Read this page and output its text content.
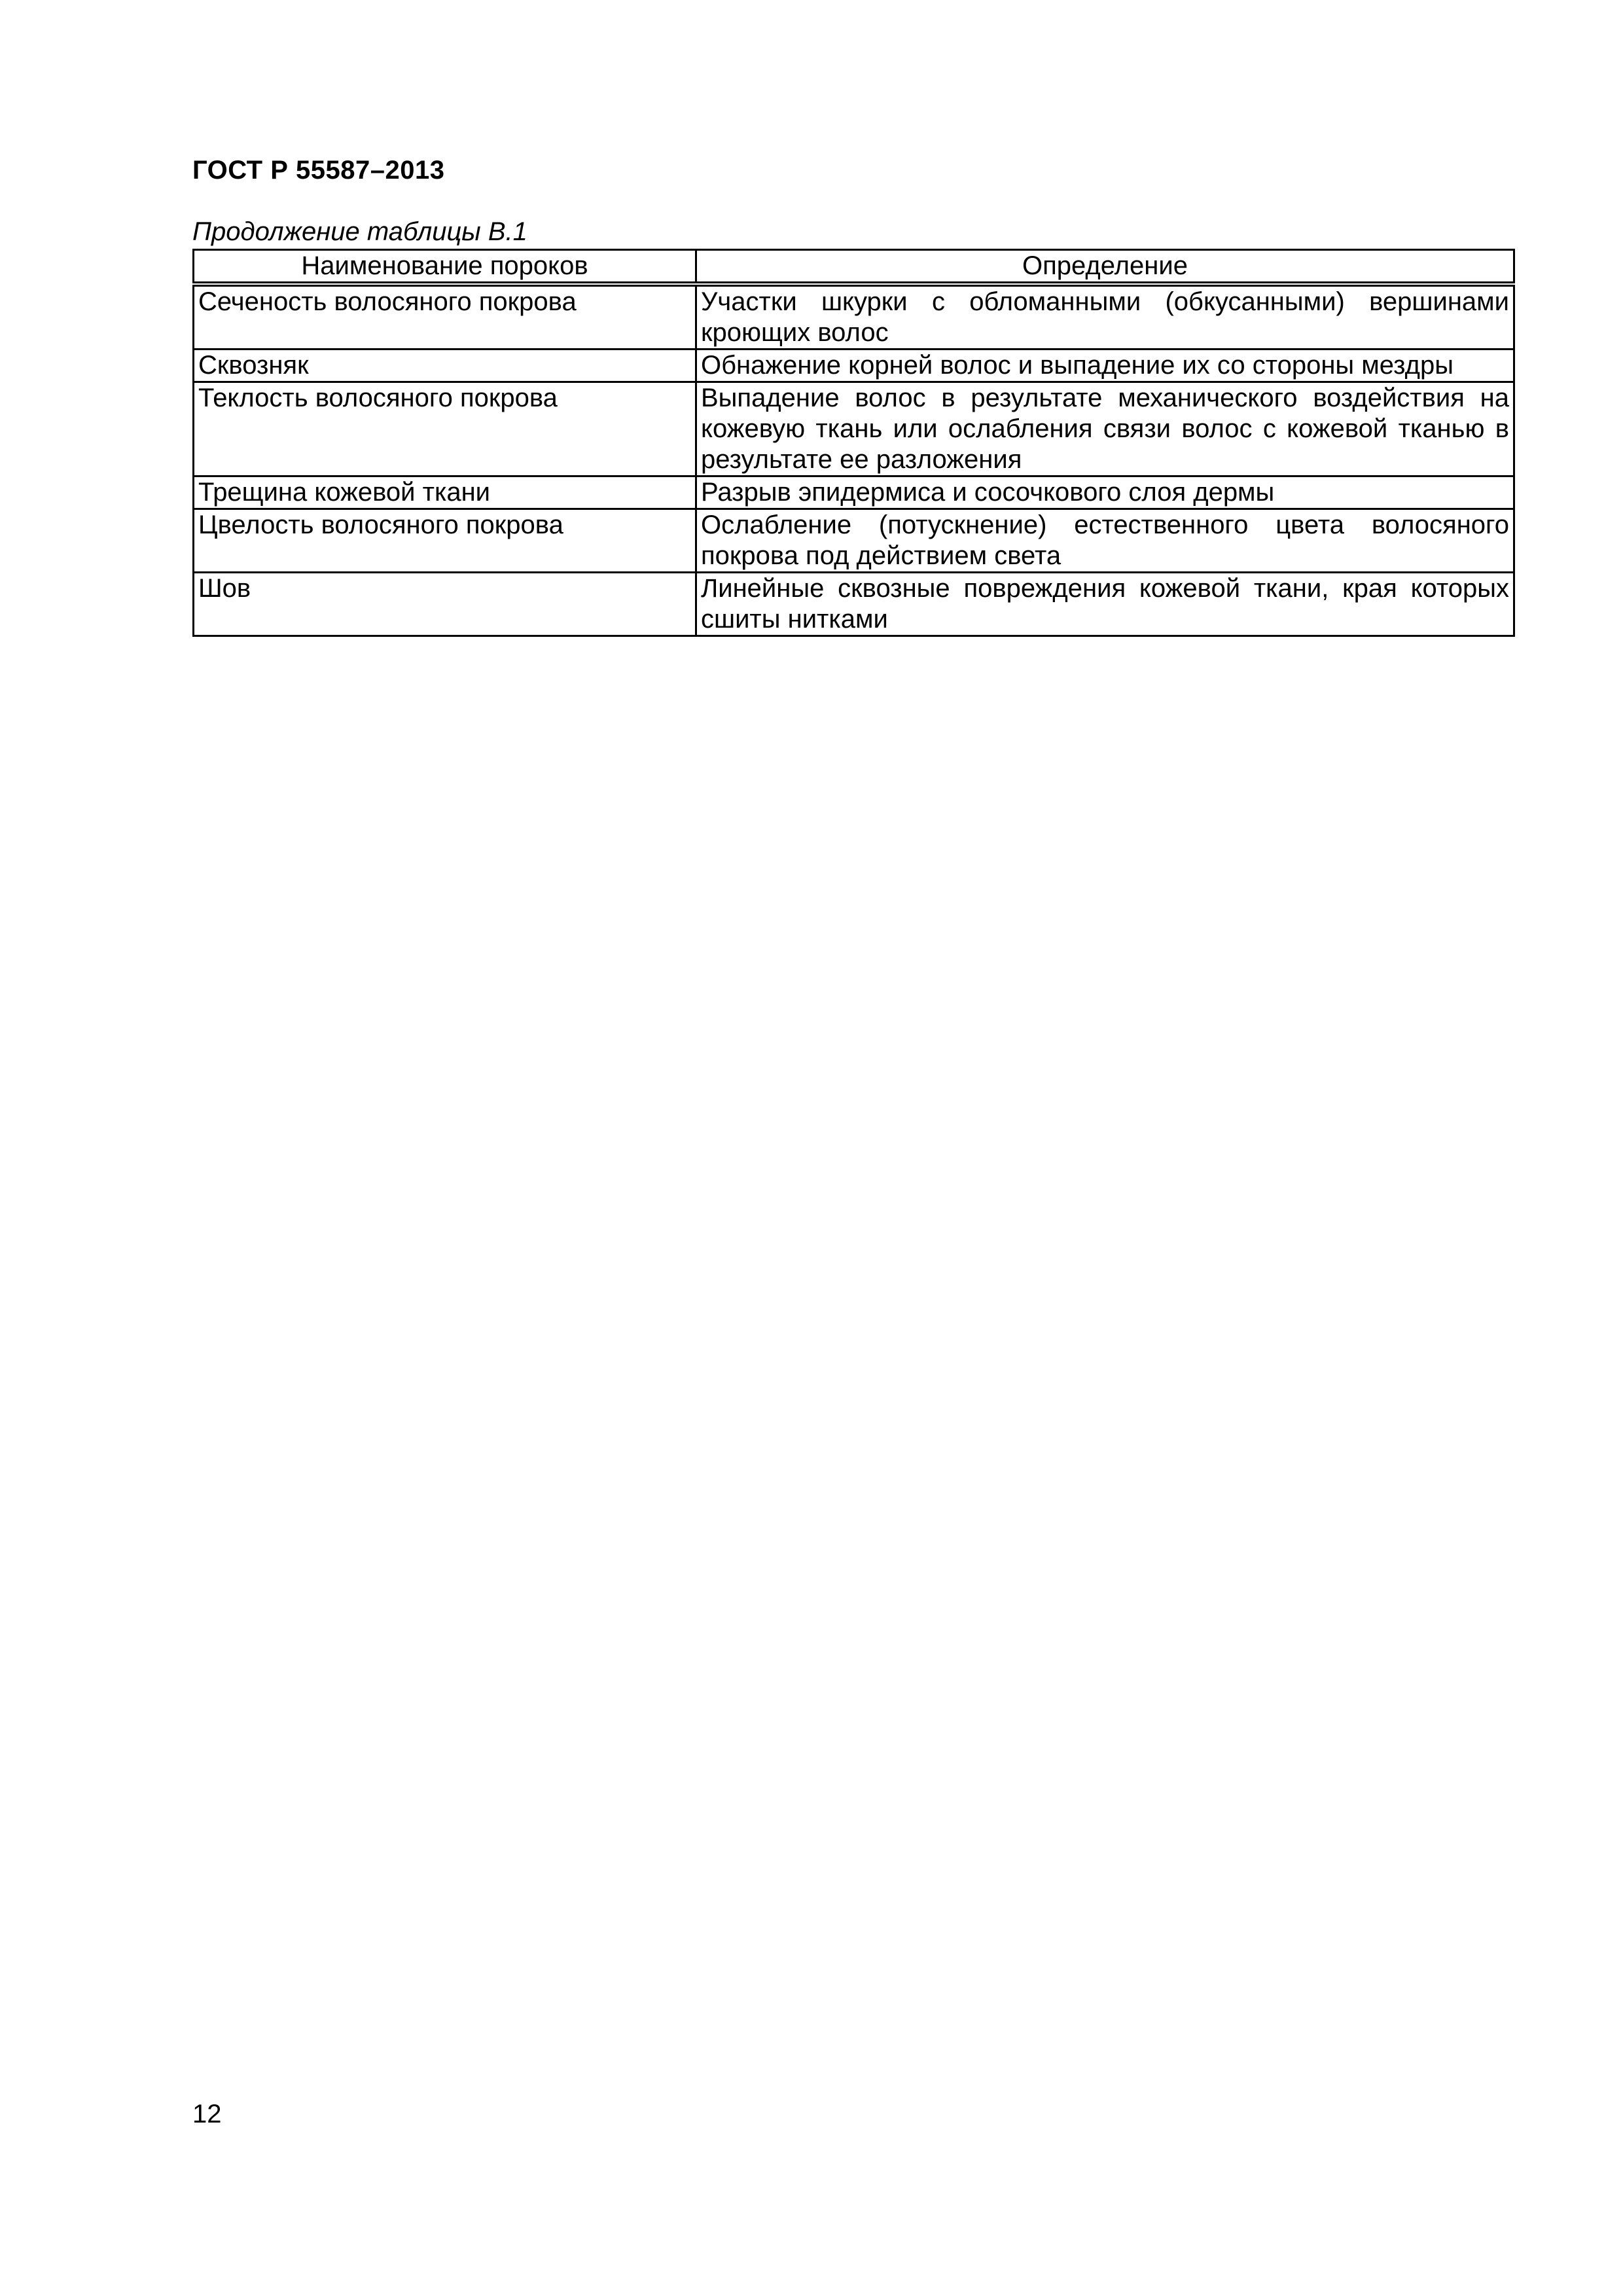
ГОСТ Р 55587–2013
Продолжение таблицы В.1
Наименование пороков	Определение
Сеченость волосяного покрова	Участки шкурки с обломанными (обкусанными) вершинами кроющих волос
Сквозняк	Обнажение корней волос и выпадение их со стороны мездры
Теклость волосяного покрова	Выпадение волос в результате механического воздействия на кожевую ткань или ослабления связи волос с кожевой тканью в результате ее разложения
Трещина кожевой ткани	Разрыв эпидермиса и сосочкового слоя дермы
Цвелость волосяного покрова	Ослабление (потускнение) естественного цвета волосяного покрова под действием света
Шов	Линейные сквозные повреждения кожевой ткани, края которых сшиты нитками
12
